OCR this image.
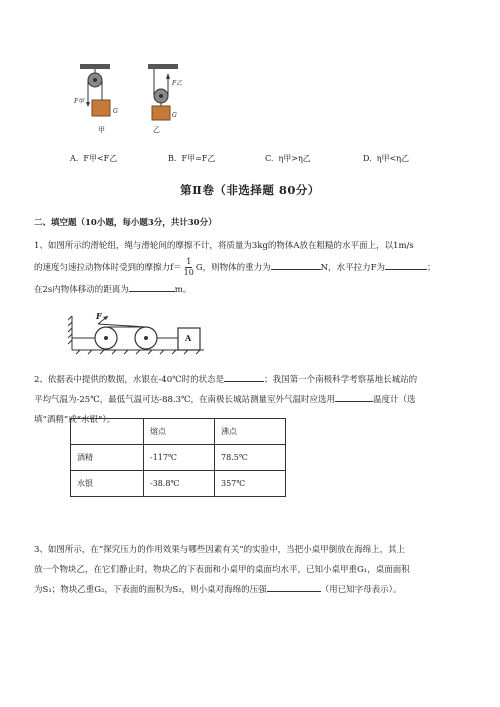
F甲
G
甲
F乙
G
乙
A. F甲<F乙	B. F甲=F乙	C. η甲>η乙	D. η甲<η乙
第Ⅱ卷（非选择题 80分）
二、填空题（10小题，每小题3分，共计30分）
1、如图所示的滑轮组，绳与滑轮间的摩擦不计，将质量为3kg的物体A放在粗糙的水平面上，以1m/s
的速度匀速拉动物体时受到的摩擦力$f= \frac{1}{10}$ G，则物体的重力为	N，水平拉力F为	；
在2s内物体移动的距离为	m。
F
A
2、依据表中提供的数据，水银在-40℃时的状态是	；我国第一个南极科学考察基地长城站的
平均气温为-25℃，最低气温可达-88.3℃，在南极长城站测量室外气温时应选用	温度计（选
填“酒精”或“水银”）。
	熔点	沸点
酒精	-117℃	78.5℃
水银	-38.8℃	357℃
3、如图所示，在“探究压力的作用效果与哪些因素有关”的实验中，当把小桌甲倒放在海绵上，其上
放一个物块乙，在它们静止时，物块乙的下表面和小桌甲的桌面均水平，已知小桌甲重G₁，桌面面积
为S₁；物块乙重G₂，下表面的面积为S₂，则小桌对海绵的压强	（用已知字母表示）。
